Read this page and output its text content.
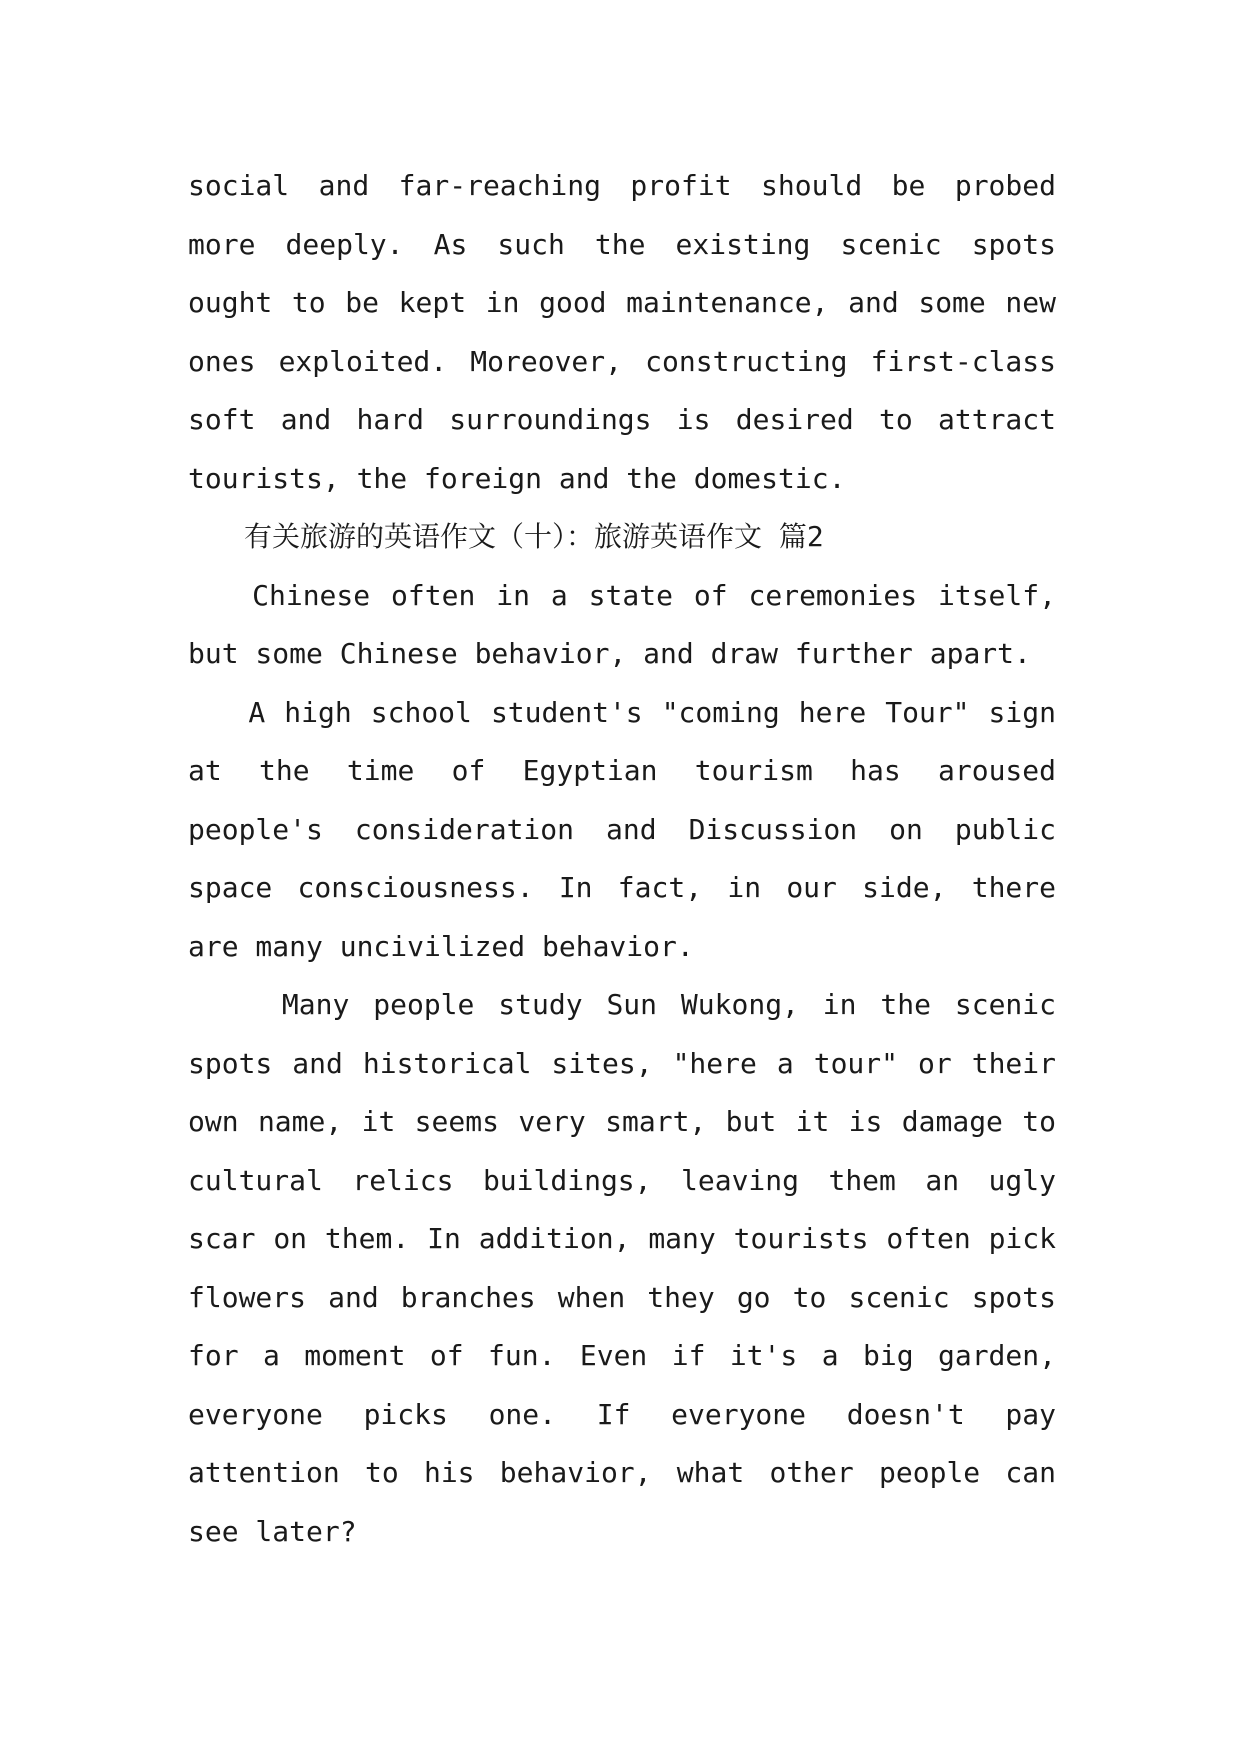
social and far-reaching profit should be probed
more deeply. As such the existing scenic spots
ought to be kept in good maintenance, and some new
ones exploited. Moreover, constructing first-class
soft and hard surroundings is desired to attract
tourists, the foreign and the domestic.
　　有关旅游的英语作文（十）：旅游英语作文 篇2
　　Chinese often in a state of ceremonies itself,
but some Chinese behavior, and draw further apart.
　　A high school student's "coming here Tour" sign
at the time of Egyptian tourism has aroused
people's consideration and Discussion on public
space consciousness. In fact, in our side, there
are many uncivilized behavior.
　　 Many people study Sun Wukong, in the scenic
spots and historical sites, "here a tour" or their
own name, it seems very smart, but it is damage to
cultural relics buildings, leaving them an ugly
scar on them. In addition, many tourists often pick
flowers and branches when they go to scenic spots
for a moment of fun. Even if it's a big garden,
everyone picks one. If everyone doesn't pay
attention to his behavior, what other people can
see later?
